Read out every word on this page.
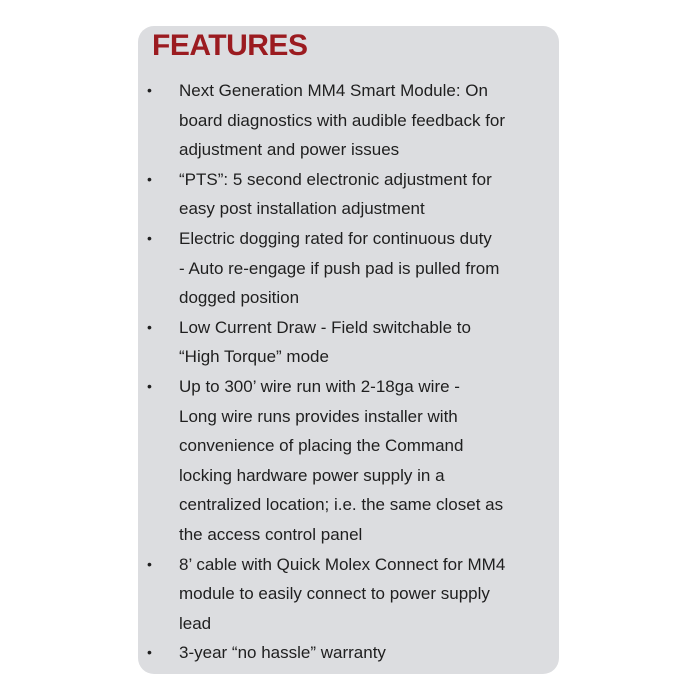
FEATURES
• Next Generation MM4 Smart Module: On
board diagnostics with audible feedback for
adjustment and power issues
• “PTS”: 5 second electronic adjustment for
easy post installation adjustment
• Electric dogging rated for continuous duty
- Auto re-engage if push pad is pulled from
dogged position
• Low Current Draw - Field switchable to
“High Torque” mode
• Up to 300’ wire run with 2-18ga wire -
Long wire runs provides installer with
convenience of placing the Command
locking hardware power supply in a
centralized location; i.e. the same closet as
the access control panel
• 8’ cable with Quick Molex Connect for MM4
module to easily connect to power supply
lead
• 3-year “no hassle” warranty
